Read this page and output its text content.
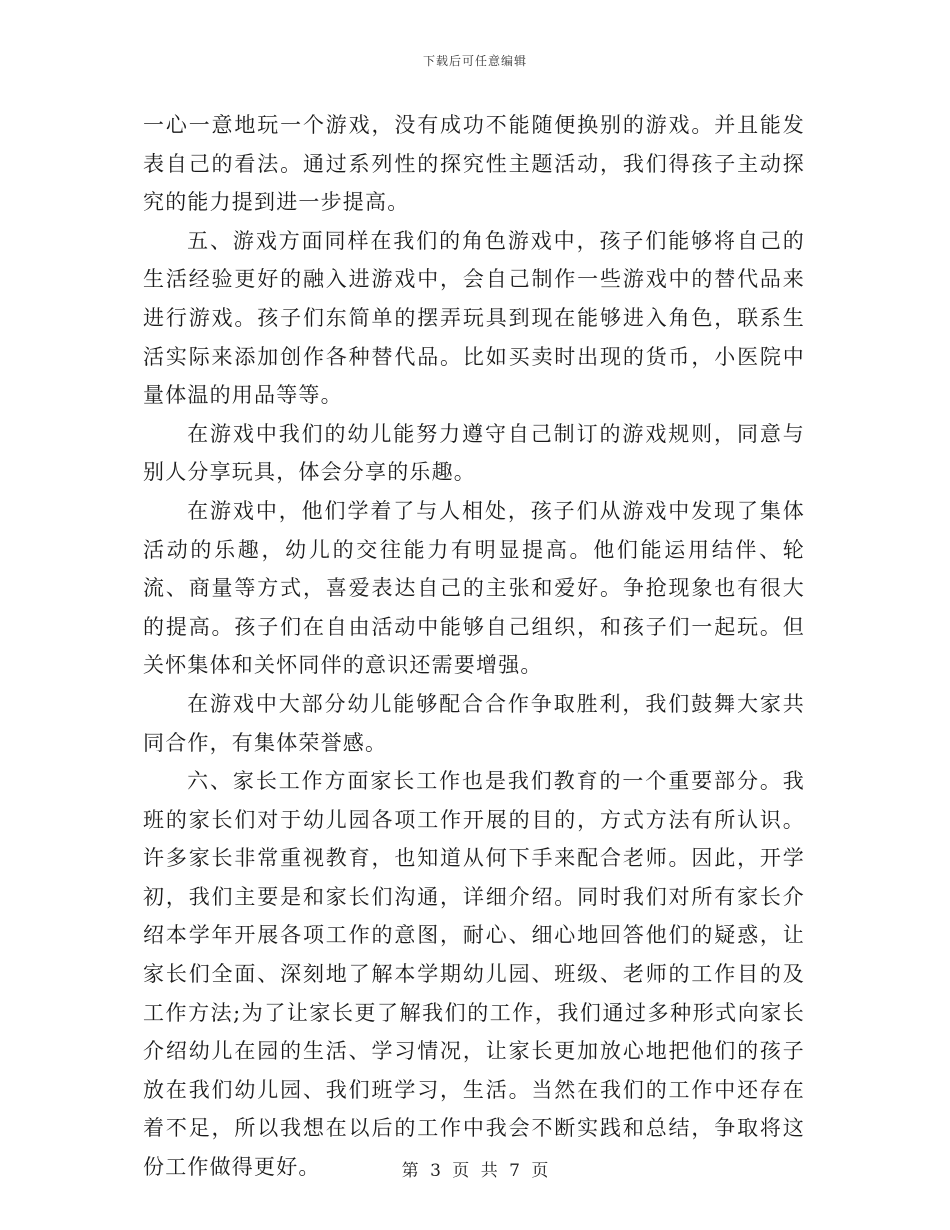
下载后可任意编辑

一心一意地玩一个游戏，没有成功不能随便换别的游戏。并且能发表自己的看法。通过系列性的探究性主题活动，我们得孩子主动探究的能力提到进一步提高。

五、游戏方面同样在我们的角色游戏中，孩子们能够将自己的生活经验更好的融入进游戏中，会自己制作一些游戏中的替代品来进行游戏。孩子们东简单的摆弄玩具到现在能够进入角色，联系生活实际来添加创作各种替代品。比如买卖时出现的货币，小医院中量体温的用品等等。

在游戏中我们的幼儿能努力遵守自己制订的游戏规则，同意与别人分享玩具，体会分享的乐趣。

在游戏中，他们学着了与人相处，孩子们从游戏中发现了集体活动的乐趣，幼儿的交往能力有明显提高。他们能运用结伴、轮流、商量等方式，喜爱表达自己的主张和爱好。争抢现象也有很大的提高。孩子们在自由活动中能够自己组织，和孩子们一起玩。但关怀集体和关怀同伴的意识还需要增强。

在游戏中大部分幼儿能够配合合作争取胜利，我们鼓舞大家共同合作，有集体荣誉感。

六、家长工作方面家长工作也是我们教育的一个重要部分。我班的家长们对于幼儿园各项工作开展的目的，方式方法有所认识。许多家长非常重视教育，也知道从何下手来配合老师。因此，开学初，我们主要是和家长们沟通，详细介绍。同时我们对所有家长介绍本学年开展各项工作的意图，耐心、细心地回答他们的疑惑，让家长们全面、深刻地了解本学期幼儿园、班级、老师的工作目的及工作方法;为了让家长更了解我们的工作，我们通过多种形式向家长介绍幼儿在园的生活、学习情况，让家长更加放心地把他们的孩子放在我们幼儿园、我们班学习，生活。当然在我们的工作中还存在着不足，所以我想在以后的工作中我会不断实践和总结，争取将这份工作做得更好。	第 3 页 共 7 页
